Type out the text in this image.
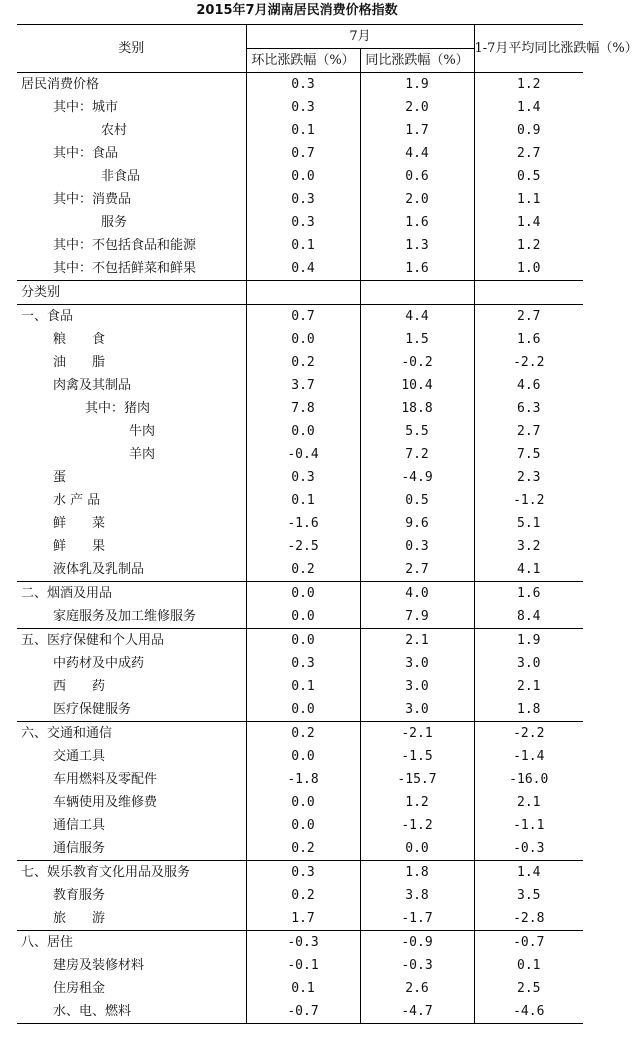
2015年7月湖南居民消费价格指数
类别	7月		1-7月平均同比涨跌幅（%）
	环比涨跌幅（%）	同比涨跌幅（%）	
居民消费价格	0.3	1.9	1.2
其中：城市	0.3	2.0	1.4
农村	0.1	1.7	0.9
其中：食品	0.7	4.4	2.7
非食品	0.0	0.6	0.5
其中：消费品	0.3	2.0	1.1
服务	0.3	1.6	1.4
其中：不包括食品和能源	0.1	1.3	1.2
其中：不包括鲜菜和鲜果	0.4	1.6	1.0
分类别			
一、食品	0.7	4.4	2.7
粮　　食	0.0	1.5	1.6
油　　脂	0.2	-0.2	-2.2
肉禽及其制品	3.7	10.4	4.6
其中：猪肉	7.8	18.8	6.3
牛肉	0.0	5.5	2.7
羊肉	-0.4	7.2	7.5
蛋	0.3	-4.9	2.3
水 产 品	0.1	0.5	-1.2
鲜　　菜	-1.6	9.6	5.1
鲜　　果	-2.5	0.3	3.2
液体乳及乳制品	0.2	2.7	4.1
二、烟酒及用品	0.0	4.0	1.6
家庭服务及加工维修服务	0.0	7.9	8.4
五、医疗保健和个人用品	0.0	2.1	1.9
中药材及中成药	0.3	3.0	3.0
西　　药	0.1	3.0	2.1
医疗保健服务	0.0	3.0	1.8
六、交通和通信	0.2	-2.1	-2.2
交通工具	0.0	-1.5	-1.4
车用燃料及零配件	-1.8	-15.7	-16.0
车辆使用及维修费	0.0	1.2	2.1
通信工具	0.0	-1.2	-1.1
通信服务	0.2	0.0	-0.3
七、娱乐教育文化用品及服务	0.3	1.8	1.4
教育服务	0.2	3.8	3.5
旅　　游	1.7	-1.7	-2.8
八、居住	-0.3	-0.9	-0.7
建房及装修材料	-0.1	-0.3	0.1
住房租金	0.1	2.6	2.5
水、电、燃料	-0.7	-4.7	-4.6
